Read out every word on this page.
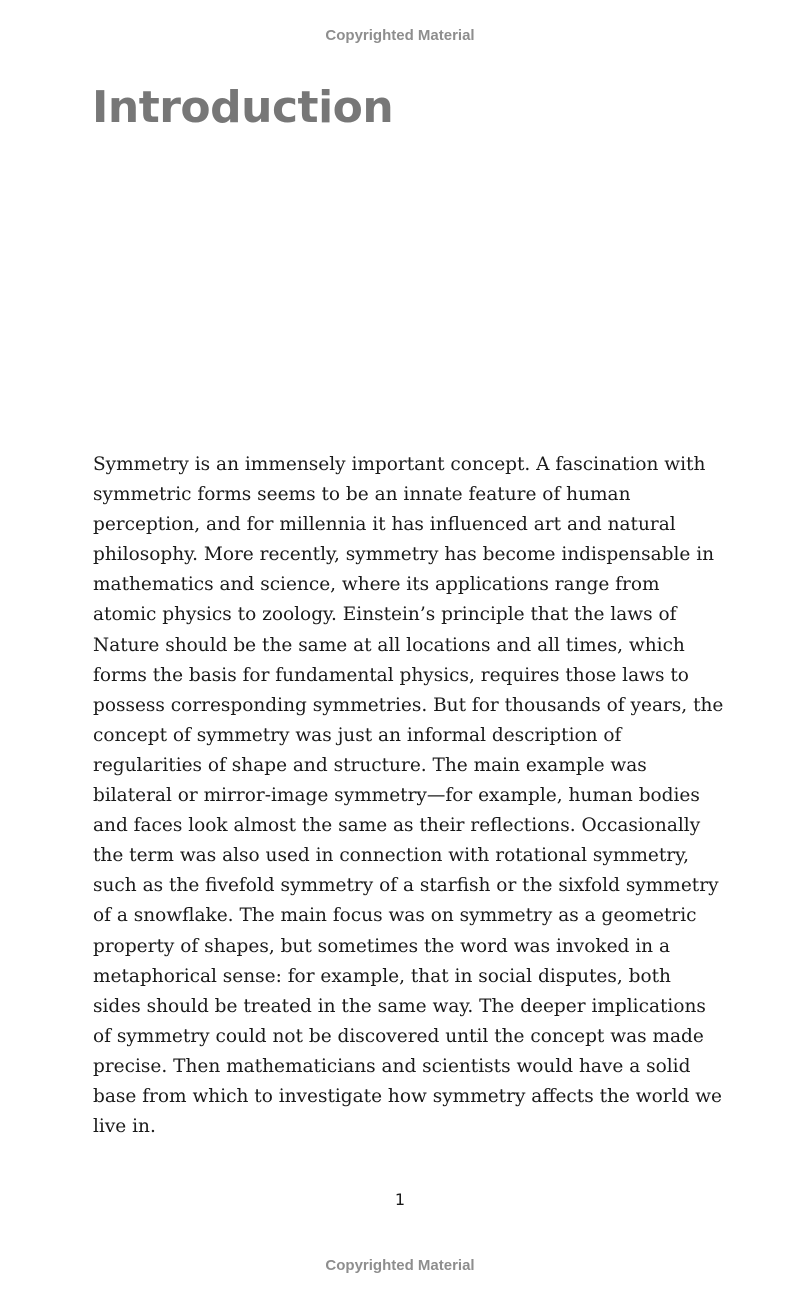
Copyrighted Material
Introduction

Symmetry is an immensely important concept. A fascination with
symmetric forms seems to be an innate feature of human
perception, and for millennia it has influenced art and natural
philosophy. More recently, symmetry has become indispensable in
mathematics and science, where its applications range from
atomic physics to zoology. Einstein’s principle that the laws of
Nature should be the same at all locations and all times, which
forms the basis for fundamental physics, requires those laws to
possess corresponding symmetries. But for thousands of years, the
concept of symmetry was just an informal description of
regularities of shape and structure. The main example was
bilateral or mirror-image symmetry—for example, human bodies
and faces look almost the same as their reflections. Occasionally
the term was also used in connection with rotational symmetry,
such as the fivefold symmetry of a starfish or the sixfold symmetry
of a snowflake. The main focus was on symmetry as a geometric
property of shapes, but sometimes the word was invoked in a
metaphorical sense: for example, that in social disputes, both
sides should be treated in the same way. The deeper implications
of symmetry could not be discovered until the concept was made
precise. Then mathematicians and scientists would have a solid
base from which to investigate how symmetry affects the world we
live in.

1
Copyrighted Material
